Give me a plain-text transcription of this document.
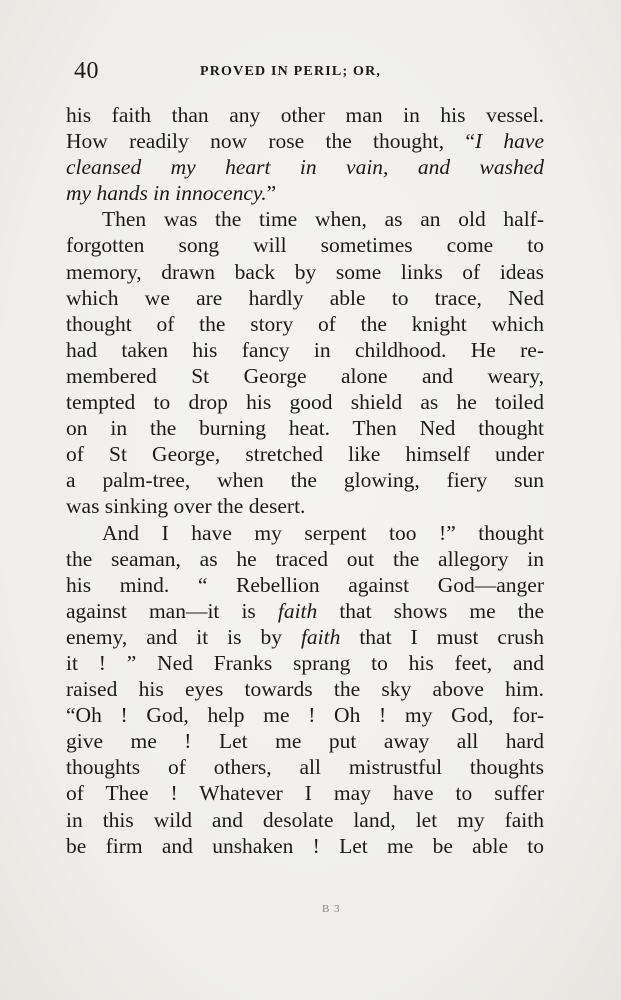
40	PROVED IN PERIL; OR,
his faith than any other man in his vessel.
How readily now rose the thought, “I have
cleansed my heart in vain, and washed
my hands in innocency.”
Then was the time when, as an old half-
forgotten song will sometimes come to
memory, drawn back by some links of ideas
which we are hardly able to trace, Ned
thought of the story of the knight which
had taken his fancy in childhood. He re-
membered St George alone and weary,
tempted to drop his good shield as he toiled
on in the burning heat. Then Ned thought
of St George, stretched like himself under
a palm-tree, when the glowing, fiery sun
was sinking over the desert.
And I have my serpent too !” thought
the seaman, as he traced out the allegory in
his mind. “ Rebellion against God—anger
against man—it is faith that shows me the
enemy, and it is by faith that I must crush
it ! ” Ned Franks sprang to his feet, and
raised his eyes towards the sky above him.
“Oh ! God, help me ! Oh ! my God, for-
give me ! Let me put away all hard
thoughts of others, all mistrustful thoughts
of Thee ! Whatever I may have to suffer
in this wild and desolate land, let my faith
be firm and unshaken ! Let me be able to
B 3
